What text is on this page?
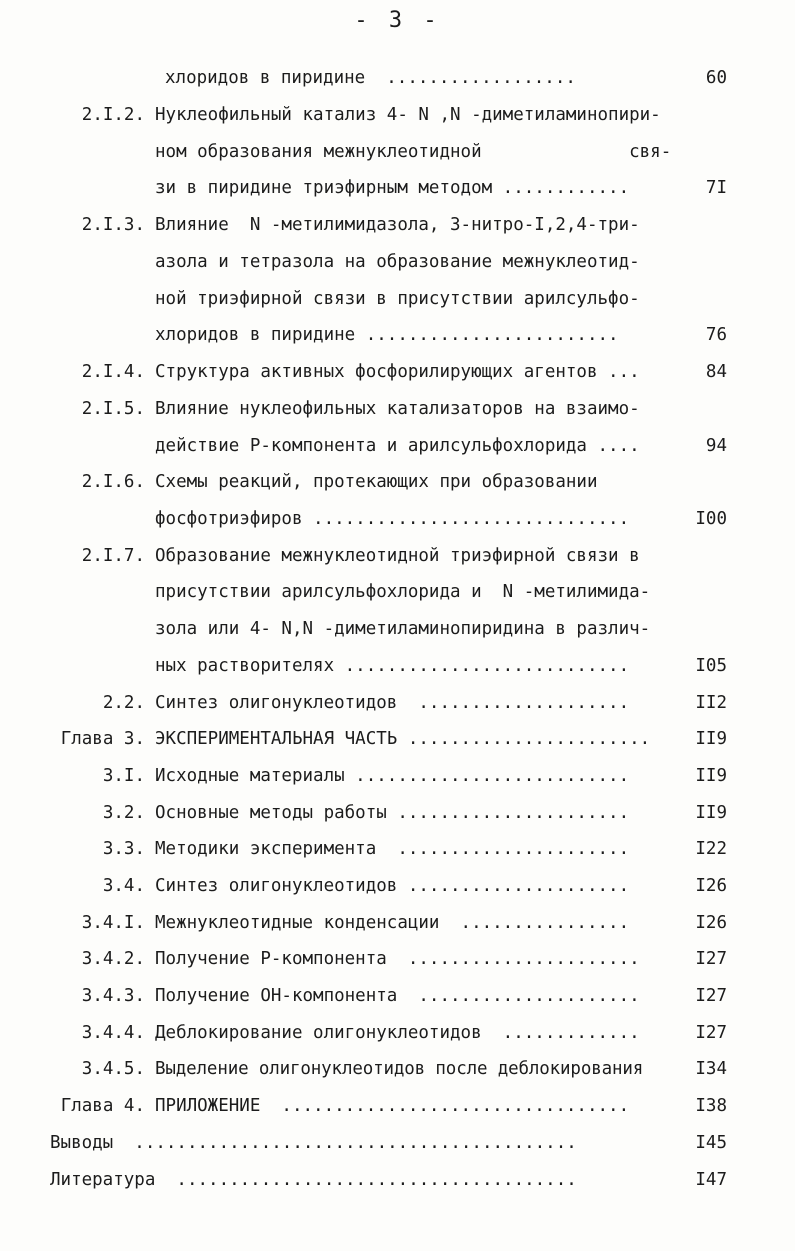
- 3 -
хлоридов в пиридине  ..................	60
2.I.2. Нуклеофильный катализ 4- N ,N -диметиламинопири-
ном образования межнуклеотидной              свя-
зи в пиридине триэфирным методом ............	7I
2.I.3. Влияние  N -метилимидазола, 3-нитро-I,2,4-три-
азола и тетразола на образование межнуклеотид-
ной триэфирной связи в присутствии арилсульфо-
хлоридов в пиридине ........................	76
2.I.4. Структура активных фосфорилирующих агентов ...	84
2.I.5. Влияние нуклеофильных катализаторов на взаимо-
действие Р-компонента и арилсульфохлорида ....	94
2.I.6. Схемы реакций, протекающих при образовании
фосфотриэфиров ..............................	I00
2.I.7. Образование межнуклеотидной триэфирной связи в
присутствии арилсульфохлорида и  N -метилимида-
зола или 4- N,N -диметиламинопиридина в различ-
ных растворителях ...........................	I05
2.2. Синтез олигонуклеотидов  ....................	II2
Глава 3. ЭКСПЕРИМЕНТАЛЬНАЯ ЧАСТЬ .......................	II9
3.I. Исходные материалы ..........................	II9
3.2. Основные методы работы ......................	II9
3.3. Методики эксперимента  ......................	I22
3.4. Синтез олигонуклеотидов .....................	I26
3.4.I. Межнуклеотидные конденсации  ................	I26
3.4.2. Получение Р-компонента  ......................	I27
3.4.3. Получение ОН-компонента  .....................	I27
3.4.4. Деблокирование олигонуклеотидов  .............	I27
3.4.5. Выделение олигонуклеотидов после деблокирования	I34
Глава 4. ПРИЛОЖЕНИЕ  .................................	I38
Выводы  ..........................................	I45
Литература  ......................................	I47
